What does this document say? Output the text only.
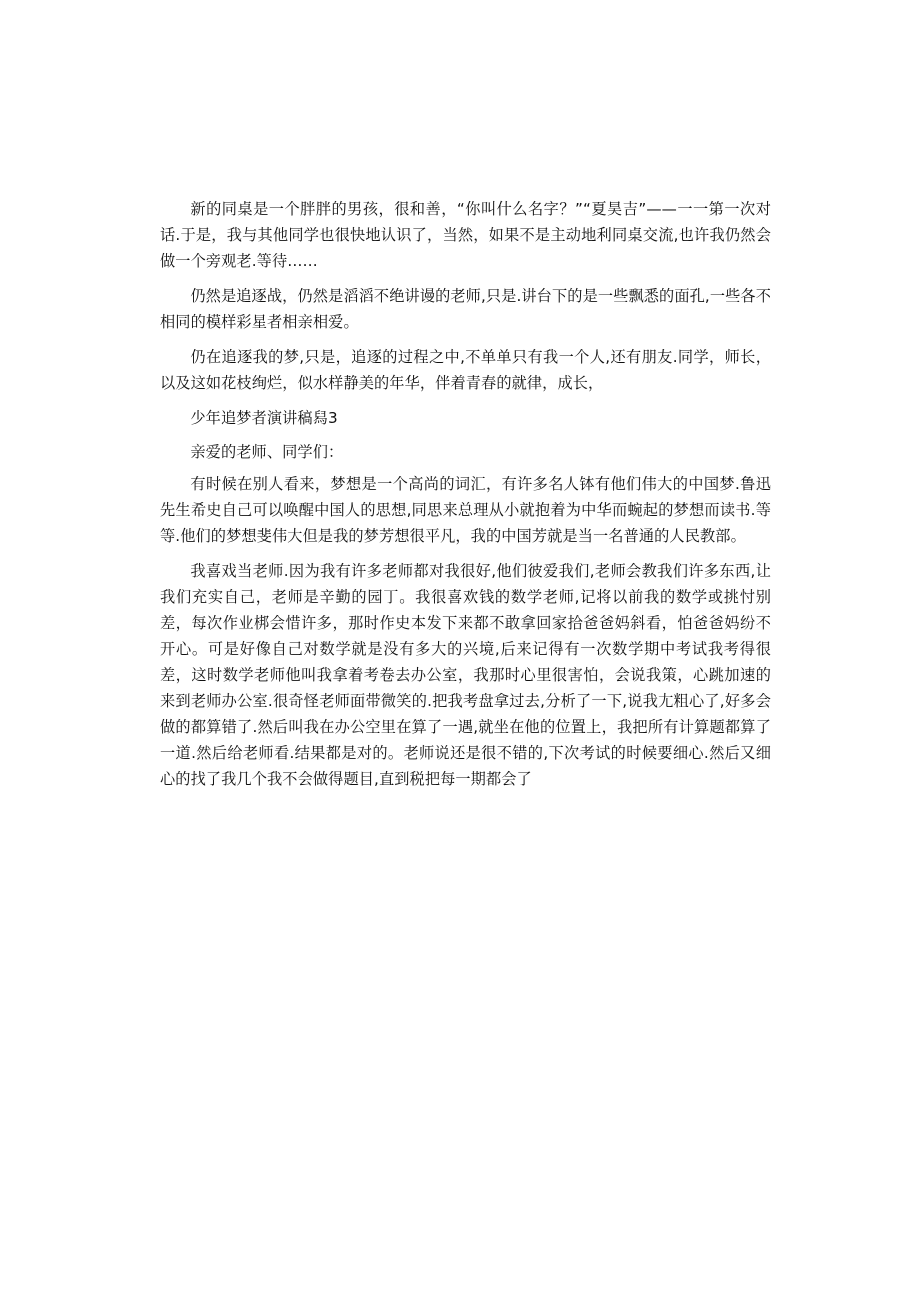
新的同桌是一个胖胖的男孩，很和善，“你叫什么名字？”“夏昊吉”——一一第一次对话.于是，我与其他同学也很快地认识了，当然，如果不是主动地利同桌交流,也许我仍然会做一个旁观老.等待……

仍然是追逐战，仍然是滔滔不绝讲谩的老师,只是.讲台下的是一些飘悉的面孔,一些各不相同的模样彩星者相亲相爱。

仍在追逐我的梦,只是，追逐的过程之中,不单单只有我一个人,还有朋友.同学，师长，以及这如花枝绚烂，似水样静美的年华，伴着青春的就律，成长，

少年追梦者演讲稿舄3

亲爱的老师、同学们：

有时候在别人看来，梦想是一个高尚的词汇，有许多名人钵有他们伟大的中国梦.鲁迅先生希史自己可以唤醒中国人的思想,同思来总理从小就抱着为中华而蜿起的梦想而读书.等等.他们的梦想斐伟大但是我的梦芳想很平凡，我的中国芳就是当一名普通的人民教部。

我喜戏当老师.因为我有许多老师都对我很好,他们彼爱我们,老师会教我们许多东西,让我们充实自己，老师是辛勤的园丁。我很喜欢钱的数学老师,记将以前我的数学或挑忖别差，每次作业梆会惜许多，那时作史本发下来都不敢拿回家拾爸爸妈斜看，怕爸爸妈纷不开心。可是好像自己对数学就是没有多大的兴境,后来记得有一次数学期中考试我考得很差，这时数学老师他叫我拿着考卷去办公室，我那时心里很害怕，会说我策，心跳加速的来到老师办公室.很奇怪老师面带微笑的.把我考盘拿过去,分析了一下,说我尢粗心了,好多会做的都算错了.然后叫我在办公空里在算了一遇,就坐在他的位置上，我把所有计算题都算了一道.然后给老师看.结果都是对的。老师说还是很不错的,下次考试的时候要细心.然后又细心的找了我几个我不会做得题目,直到税把每一期都会了
